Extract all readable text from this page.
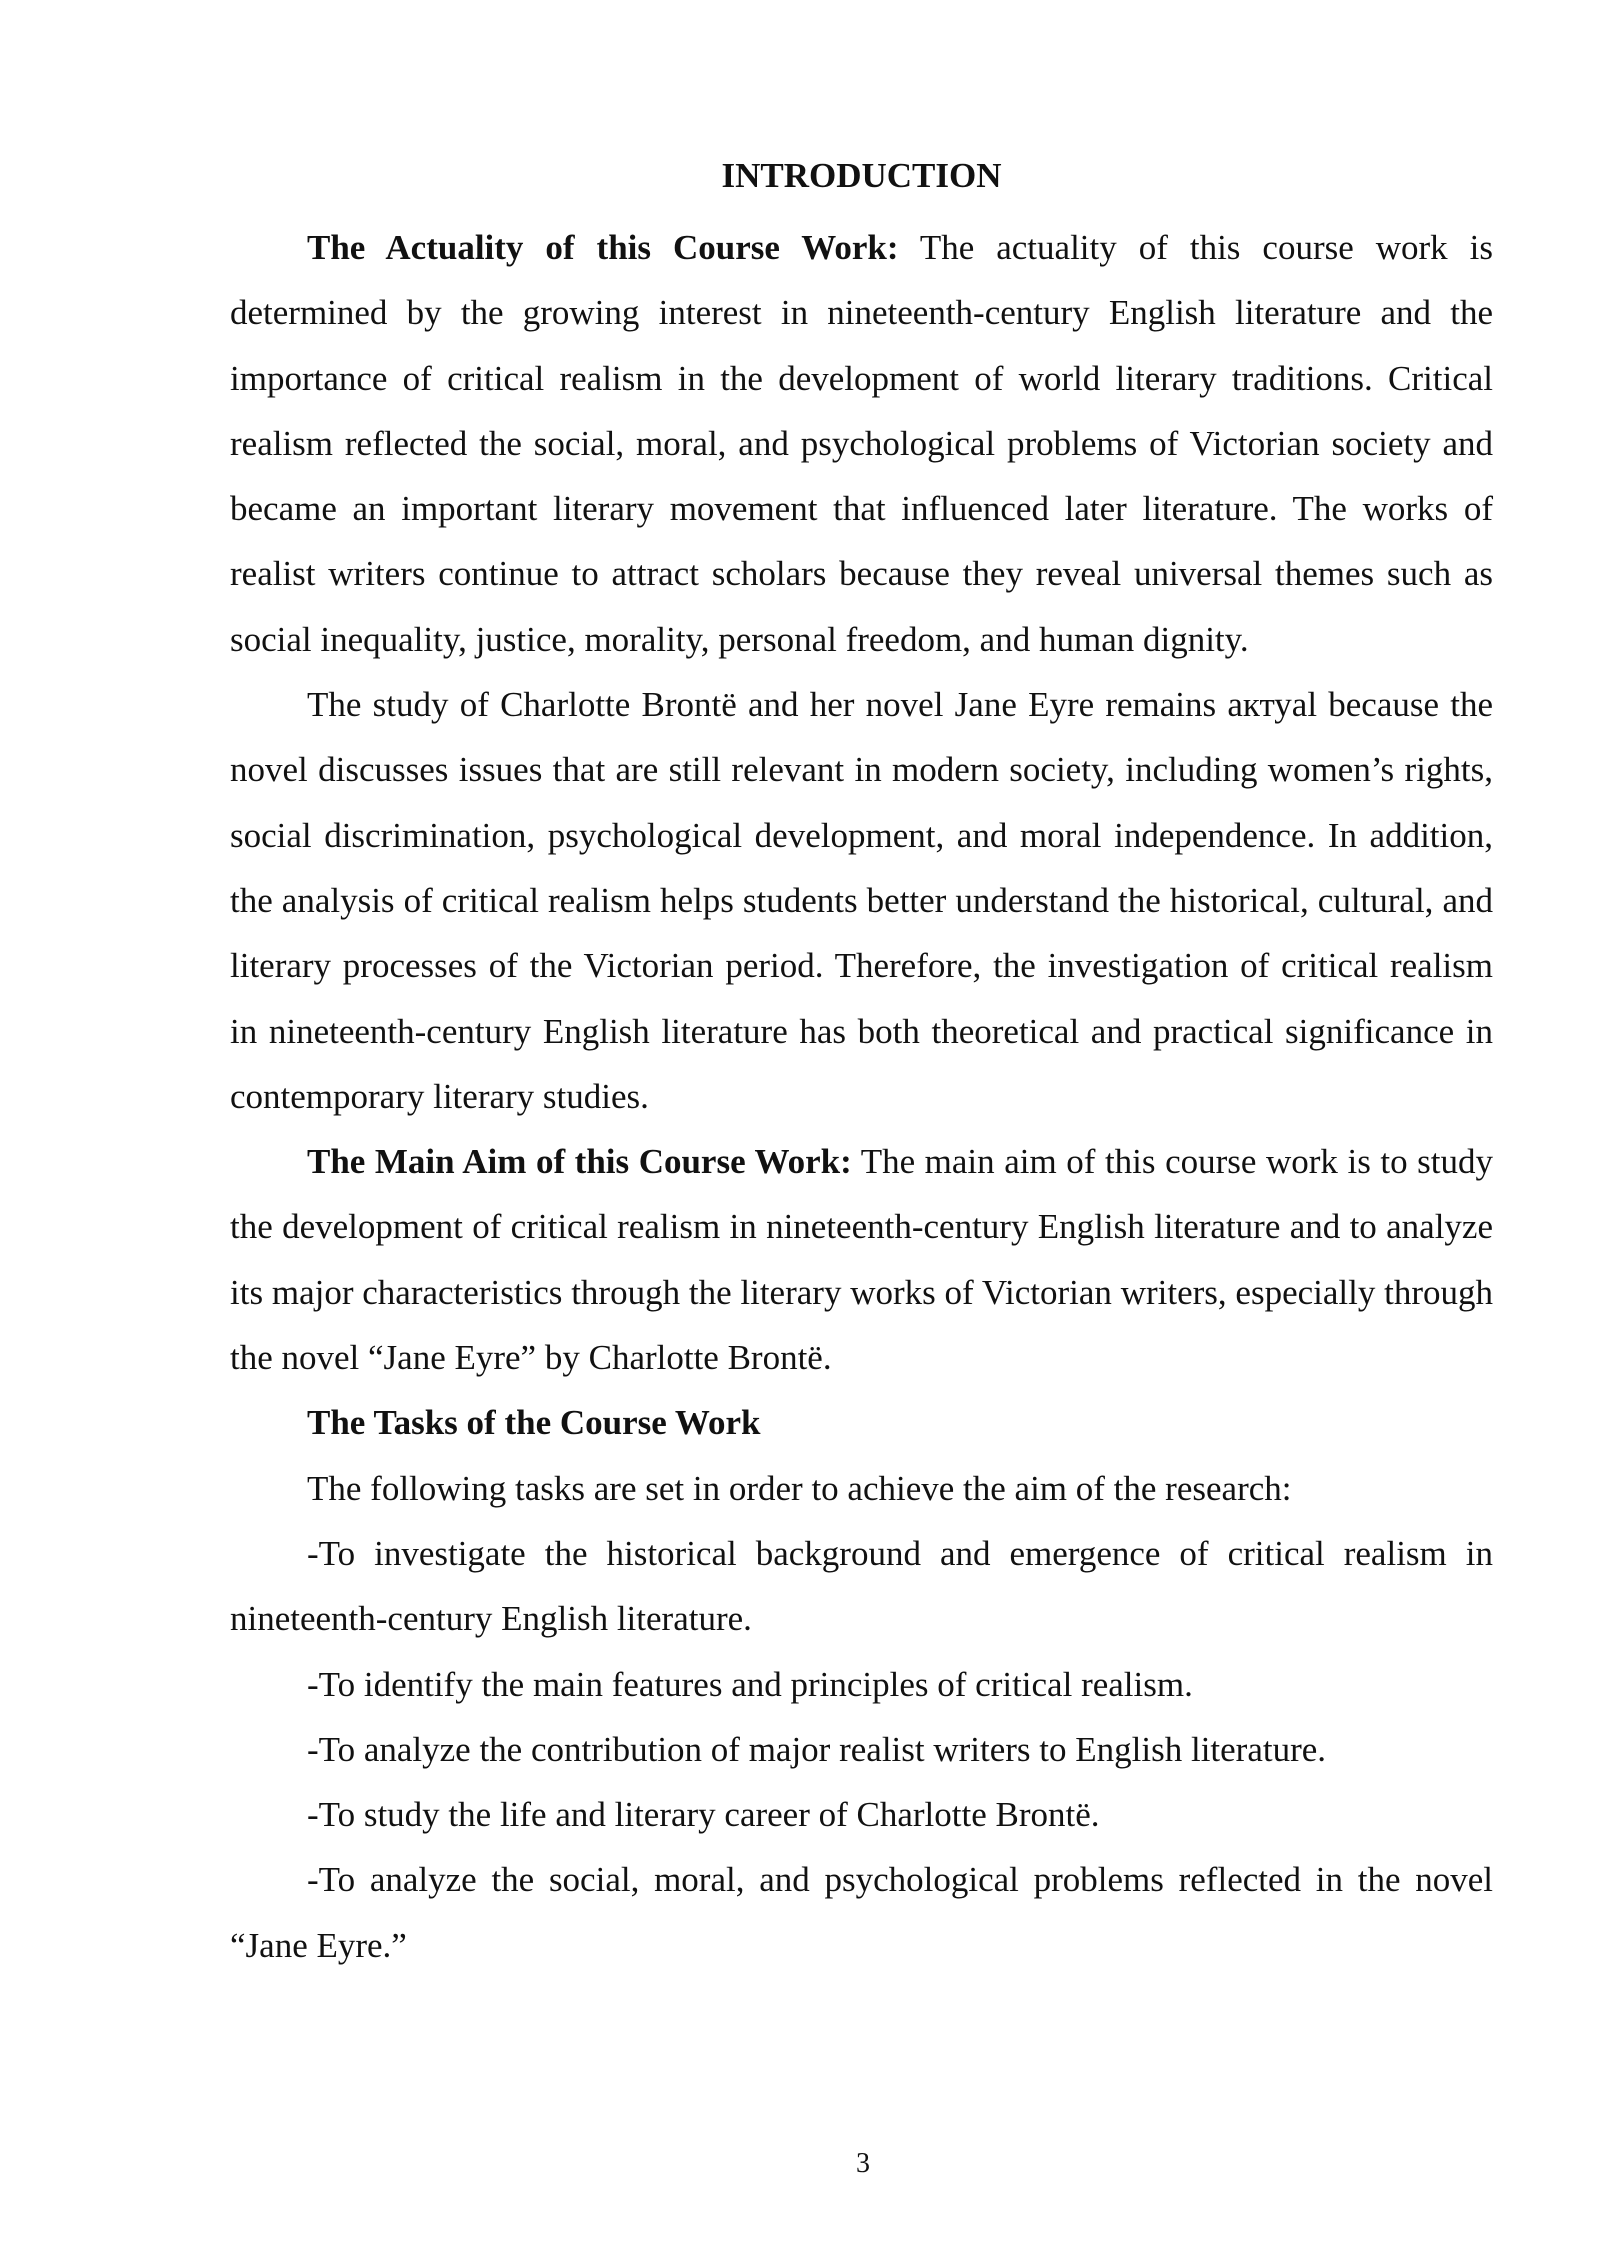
INTRODUCTION

The Actuality of this Course Work: The actuality of this course work is determined by the growing interest in nineteenth-century English literature and the importance of critical realism in the development of world literary traditions. Critical realism reflected the social, moral, and psychological problems of Victorian society and became an important literary movement that influenced later literature. The works of realist writers continue to attract scholars because they reveal universal themes such as social inequality, justice, morality, personal freedom, and human dignity.

The study of Charlotte Brontë and her novel Jane Eyre remains актуal because the novel discusses issues that are still relevant in modern society, including women’s rights, social discrimination, psychological development, and moral independence. In addition, the analysis of critical realism helps students better understand the historical, cultural, and literary processes of the Victorian period. Therefore, the investigation of critical realism in nineteenth-century English literature has both theoretical and practical significance in contemporary literary studies.

The Main Aim of this Course Work: The main aim of this course work is to study the development of critical realism in nineteenth-century English literature and to analyze its major characteristics through the literary works of Victorian writers, especially through the novel “Jane Eyre” by Charlotte Brontë.

The Tasks of the Course Work

The following tasks are set in order to achieve the aim of the research:

-To investigate the historical background and emergence of critical realism in nineteenth-century English literature.

-To identify the main features and principles of critical realism.

-To analyze the contribution of major realist writers to English literature.

-To study the life and literary career of Charlotte Brontë.

-To analyze the social, moral, and psychological problems reflected in the novel “Jane Eyre.”

3
